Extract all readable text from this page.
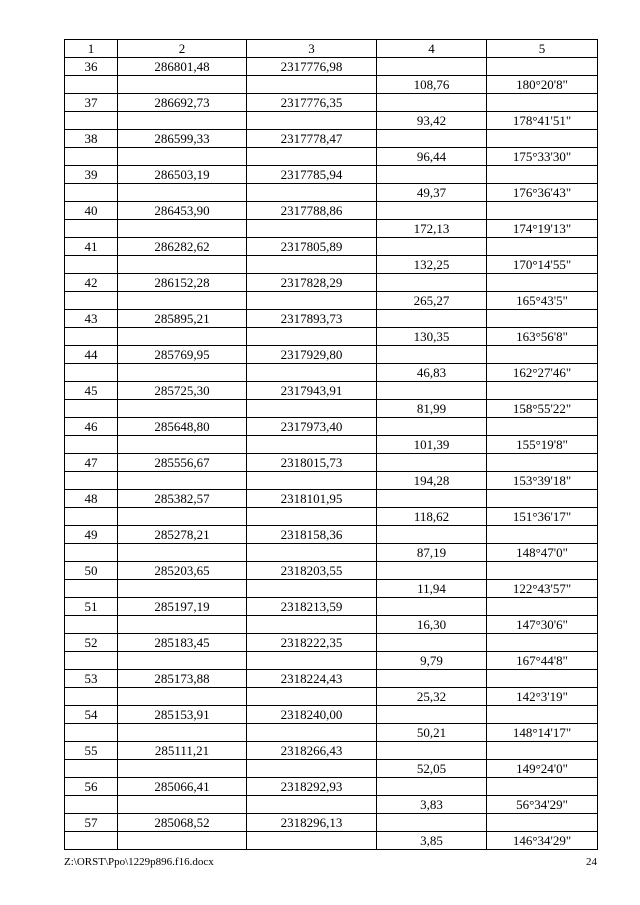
1	2	3	4	5
36	286801,48	2317776,98		
			108,76	180°20'8"
37	286692,73	2317776,35		
			93,42	178°41'51"
38	286599,33	2317778,47		
			96,44	175°33'30"
39	286503,19	2317785,94		
			49,37	176°36'43"
40	286453,90	2317788,86		
			172,13	174°19'13"
41	286282,62	2317805,89		
			132,25	170°14'55"
42	286152,28	2317828,29		
			265,27	165°43'5"
43	285895,21	2317893,73		
			130,35	163°56'8"
44	285769,95	2317929,80		
			46,83	162°27'46"
45	285725,30	2317943,91		
			81,99	158°55'22"
46	285648,80	2317973,40		
			101,39	155°19'8"
47	285556,67	2318015,73		
			194,28	153°39'18"
48	285382,57	2318101,95		
			118,62	151°36'17"
49	285278,21	2318158,36		
			87,19	148°47'0"
50	285203,65	2318203,55		
			11,94	122°43'57"
51	285197,19	2318213,59		
			16,30	147°30'6"
52	285183,45	2318222,35		
			9,79	167°44'8"
53	285173,88	2318224,43		
			25,32	142°3'19"
54	285153,91	2318240,00		
			50,21	148°14'17"
55	285111,21	2318266,43		
			52,05	149°24'0"
56	285066,41	2318292,93		
			3,83	56°34'29"
57	285068,52	2318296,13		
			3,85	146°34'29"
Z:\ORST\Ppo\1229p896.f16.docx	24
